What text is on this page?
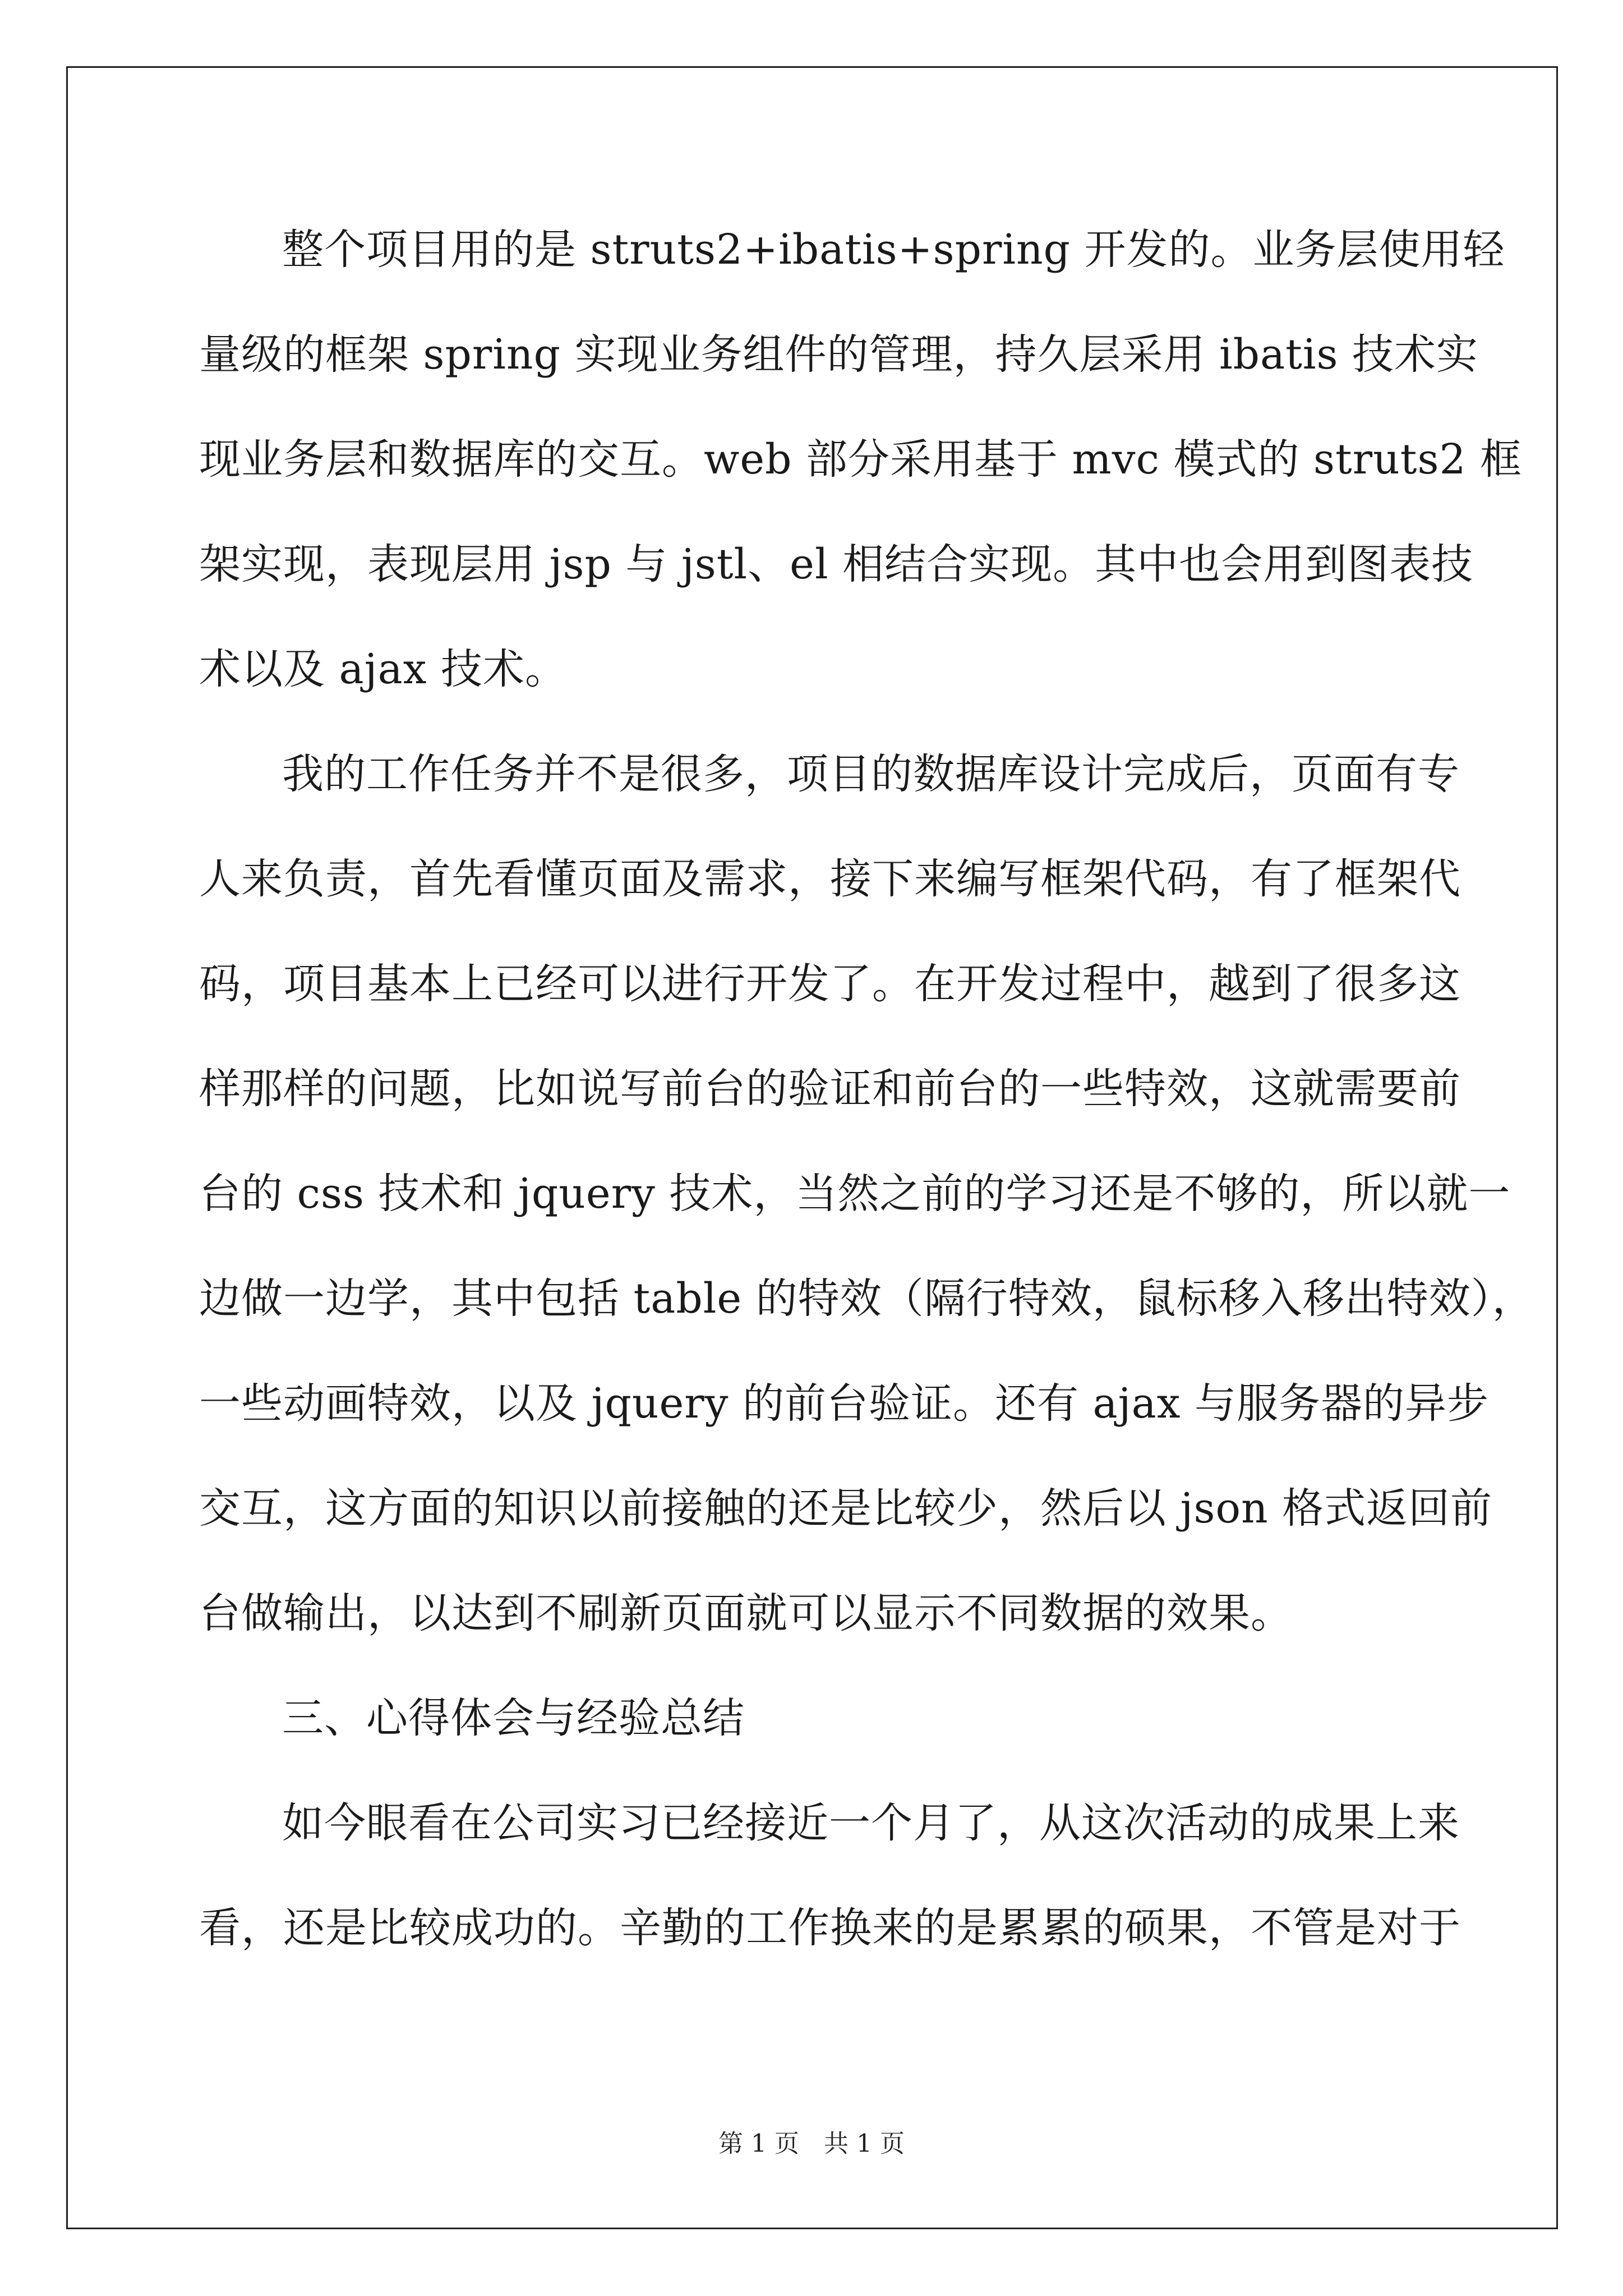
整个项目用的是 struts2+ibatis+spring 开发的。业务层使用轻
量级的框架 spring 实现业务组件的管理，持久层采用 ibatis 技术实
现业务层和数据库的交互。web 部分采用基于 mvc 模式的 struts2 框
架实现，表现层用 jsp 与 jstl、el 相结合实现。其中也会用到图表技
术以及 ajax 技术。
我的工作任务并不是很多，项目的数据库设计完成后，页面有专
人来负责，首先看懂页面及需求，接下来编写框架代码，有了框架代
码，项目基本上已经可以进行开发了。在开发过程中，越到了很多这
样那样的问题，比如说写前台的验证和前台的一些特效，这就需要前
台的 css 技术和 jquery 技术，当然之前的学习还是不够的，所以就一
边做一边学，其中包括 table 的特效（隔行特效，鼠标移入移出特效），
一些动画特效，以及 jquery 的前台验证。还有 ajax 与服务器的异步
交互，这方面的知识以前接触的还是比较少，然后以 json 格式返回前
台做输出，以达到不刷新页面就可以显示不同数据的效果。
三、心得体会与经验总结
如今眼看在公司实习已经接近一个月了，从这次活动的成果上来
看，还是比较成功的。辛勤的工作换来的是累累的硕果，不管是对于
第 1 页　共 1 页
